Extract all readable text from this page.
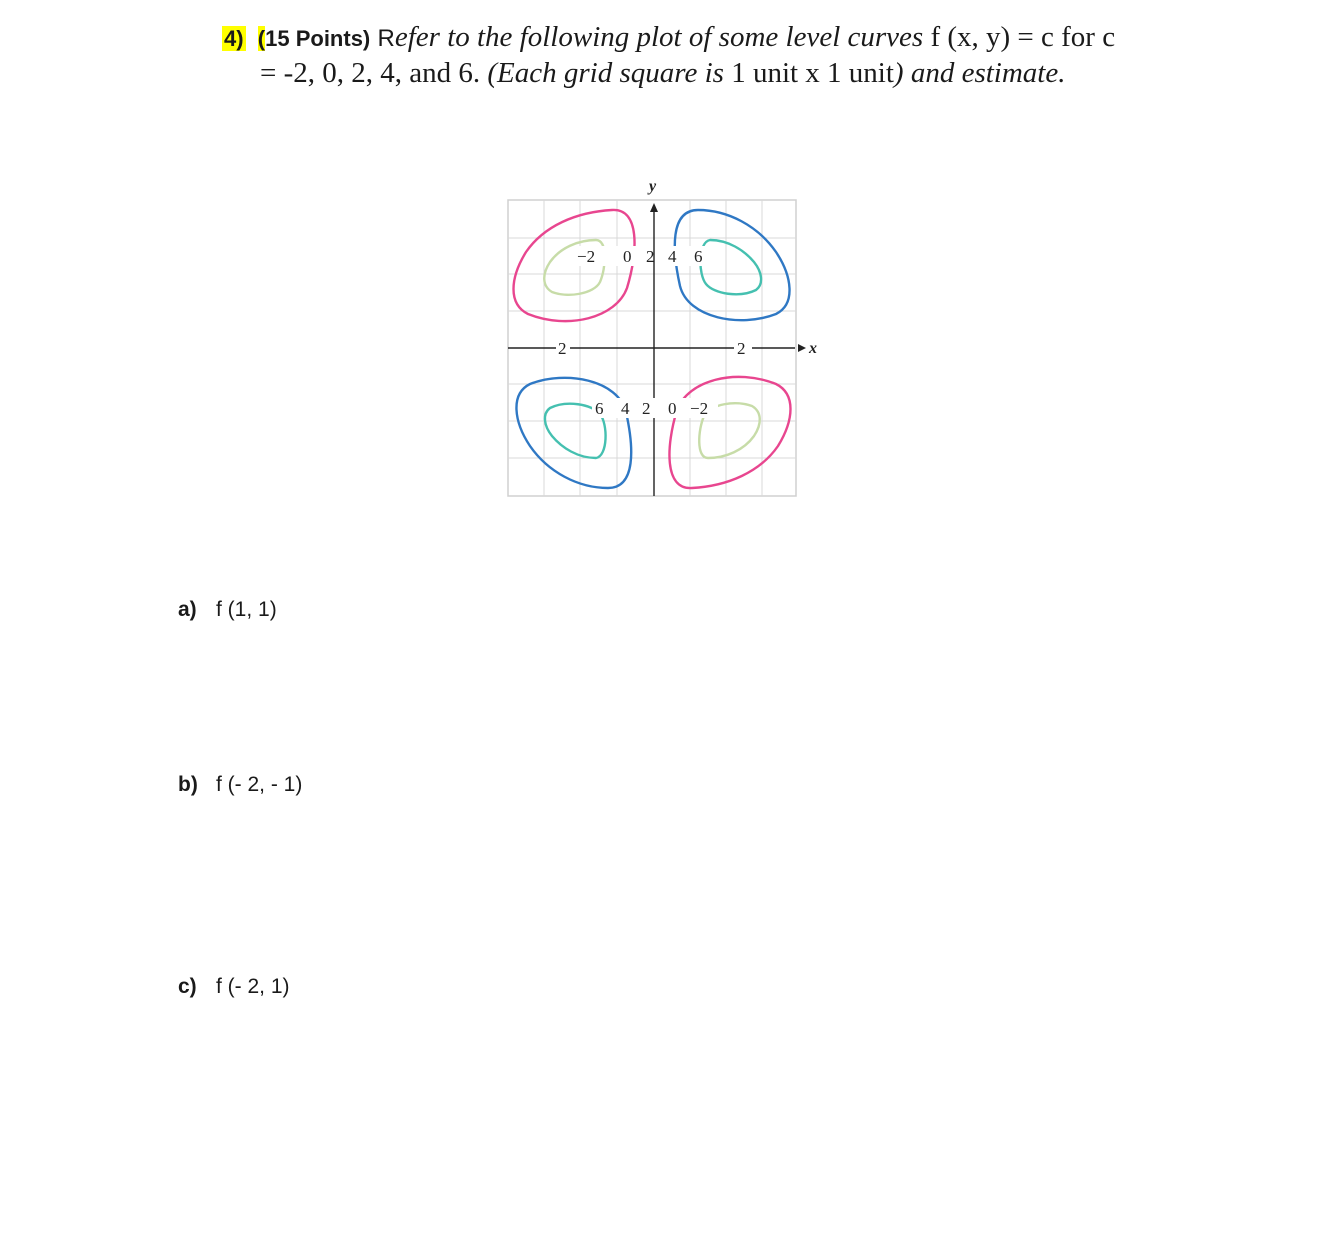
4) (15 Points) Refer to the following plot of some level curves f (x, y) = c for c
= -2, 0, 2, 4, and 6. (Each grid square is 1 unit x 1 unit) and estimate.
y
x
2	2
−2 0 2 4 6
6 4 2 0 −2
a) f (1, 1)
b) f (- 2, - 1)
c) f (- 2, 1)
